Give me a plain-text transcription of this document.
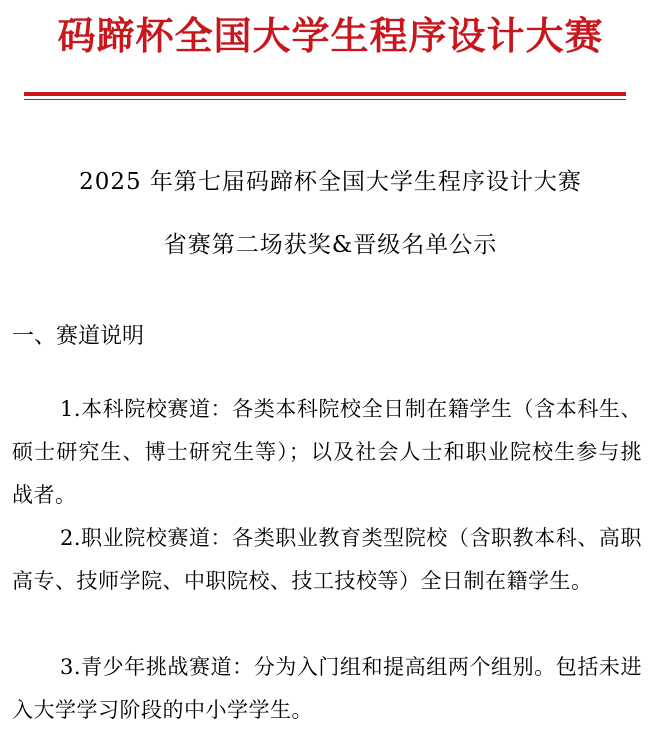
码蹄杯全国大学生程序设计大赛
2025 年第七届码蹄杯全国大学生程序设计大赛
省赛第二场获奖&晋级名单公示
一、赛道说明
1.本科院校赛道：各类本科院校全日制在籍学生（含本科生、硕士研究生、博士研究生等）；以及社会人士和职业院校生参与挑战者。
2.职业院校赛道：各类职业教育类型院校（含职教本科、高职高专、技师学院、中职院校、技工技校等）全日制在籍学生。
3.青少年挑战赛道：分为入门组和提高组两个组别。包括未进入大学学习阶段的中小学学生。
